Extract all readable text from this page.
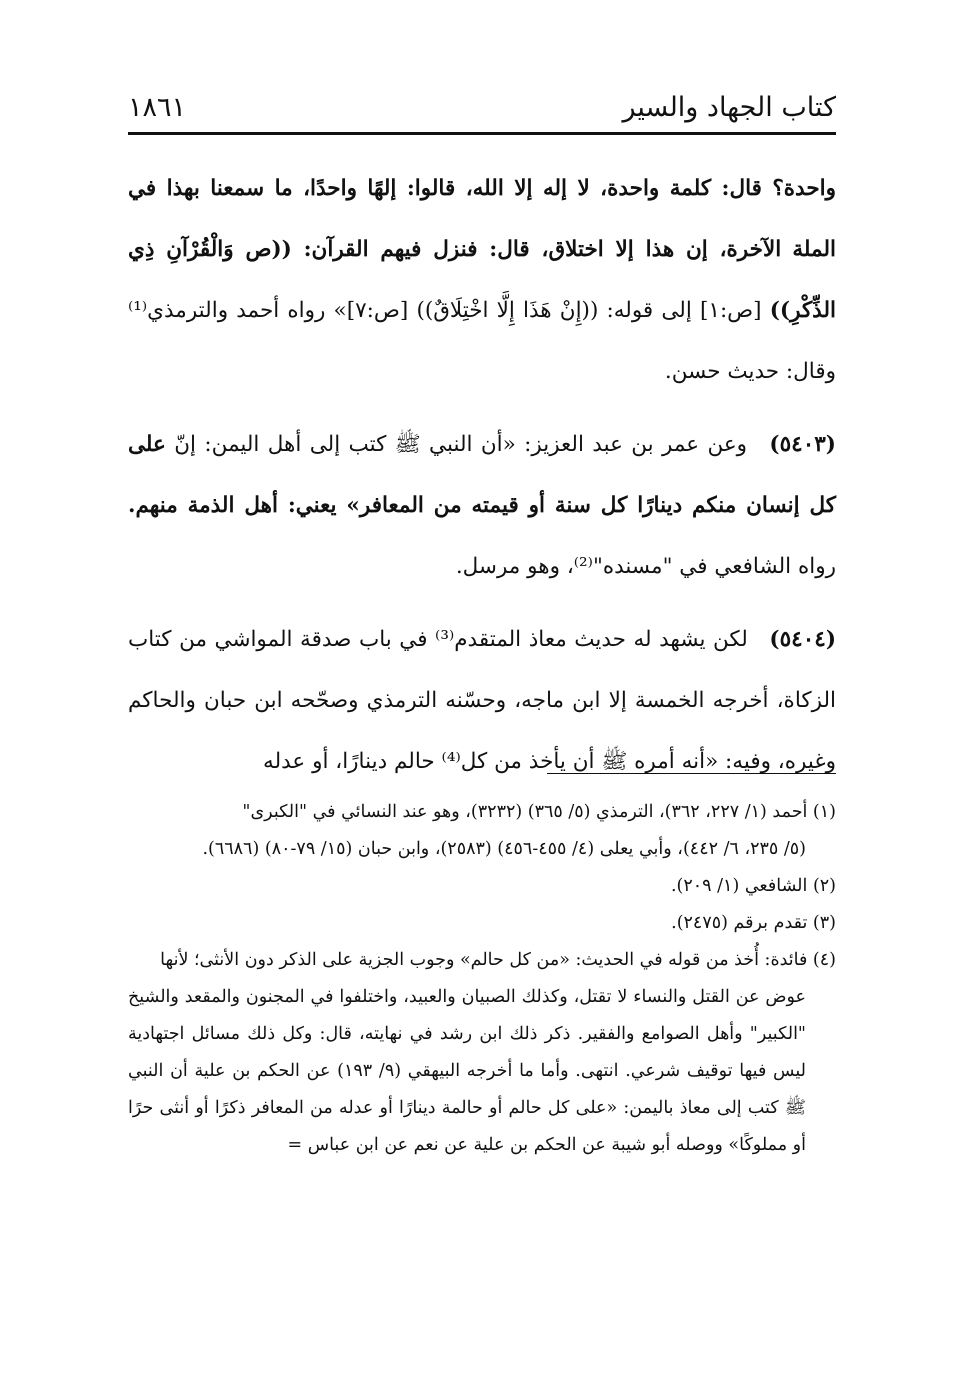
كتاب الجهاد والسير
١٨٦١

واحدة؟ قال: كلمة واحدة، لا إله إلا الله، قالوا: إلهًا واحدًا، ما سمعنا بهذا في الملة الآخرة، إن هذا إلا اختلاق، قال: فنزل فيهم القرآن: ((ص وَالْقُرْآنِ ذِي الذِّكْرِ)) [ص:١] إلى قوله: ((إِنْ هَذَا إِلَّا اخْتِلَاقٌ)) [ص:٧]» رواه أحمد والترمذي⁽¹⁾ وقال: حديث حسن.

(٥٤٠٣) وعن عمر بن عبد العزيز: «أن النبي ﷺ كتب إلى أهل اليمن: إنّ على كل إنسان منكم دينارًا كل سنة أو قيمته من المعافر» يعني: أهل الذمة منهم. رواه الشافعي في "مسنده"⁽²⁾، وهو مرسل.

(٥٤٠٤) لكن يشهد له حديث معاذ المتقدم⁽³⁾ في باب صدقة المواشي من كتاب الزكاة، أخرجه الخمسة إلا ابن ماجه، وحسّنه الترمذي وصحّحه ابن حبان والحاكم وغيره، وفيه: «أنه أمره ﷺ أن يأخذ من كل⁽⁴⁾ حالم دينارًا، أو عدله

(١) أحمد (١/ ٢٢٧، ٣٦٢)، الترمذي (٥/ ٣٦٥) (٣٢٣٢)، وهو عند النسائي في "الكبرى"

(٥/ ٢٣٥، ٦/ ٤٤٢)، وأبي يعلى (٤/ ٤٥٥-٤٥٦) (٢٥٨٣)، وابن حبان (١٥/ ٧٩-٨٠) (٦٦٨٦).

(٢) الشافعي (١/ ٢٠٩).

(٣) تقدم برقم (٢٤٧٥).

(٤) فائدة: أُخذ من قوله في الحديث: «من كل حالم» وجوب الجزية على الذكر دون الأنثى؛ لأنها

عوض عن القتل والنساء لا تقتل، وكذلك الصبيان والعبيد، واختلفوا في المجنون والمقعد والشيخ "الكبير" وأهل الصوامع والفقير. ذكر ذلك ابن رشد في نهايته، قال: وكل ذلك مسائل اجتهادية ليس فيها توقيف شرعي. انتهى. وأما ما أخرجه البيهقي (٩/ ١٩٣) عن الحكم بن علية أن النبي ﷺ كتب إلى معاذ باليمن: «على كل حالم أو حالمة دينارًا أو عدله من المعافر ذكرًا أو أنثى حرًا أو مملوكًا» ووصله أبو شيبة عن الحكم بن علية عن نعم عن ابن عباس =
